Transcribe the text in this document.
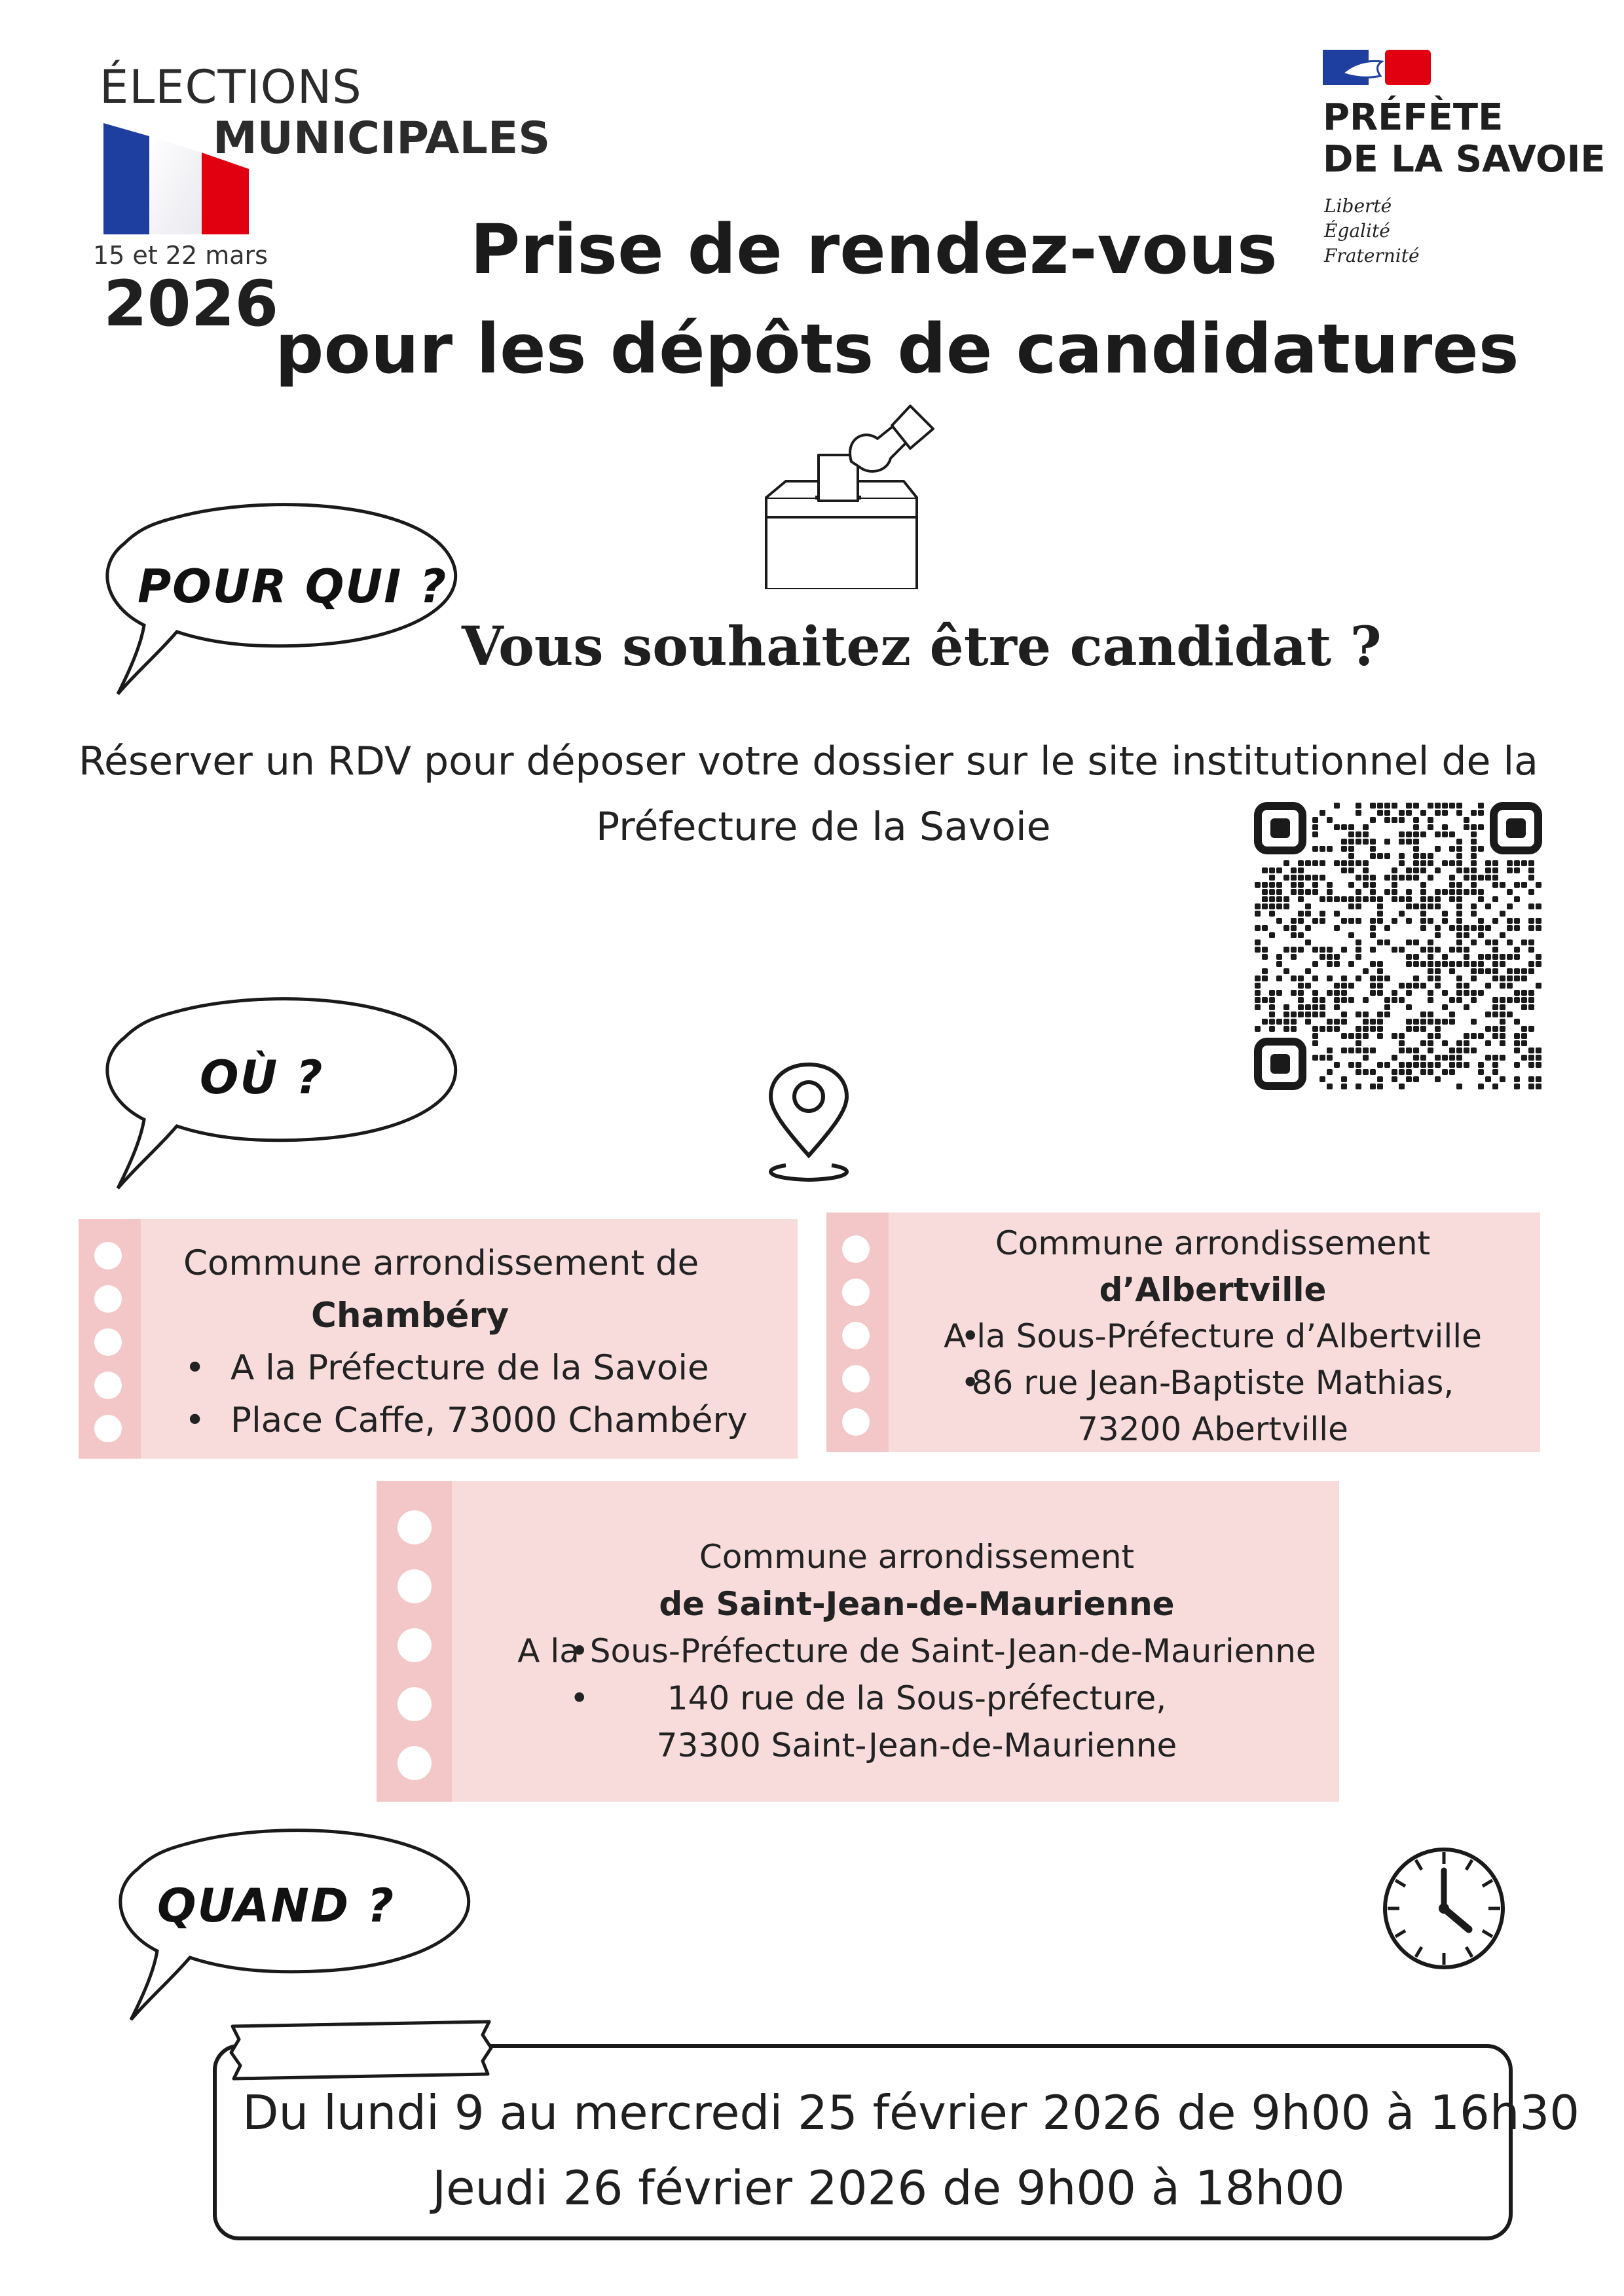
ÉLECTIONS
MUNICIPALES
15 et 22 mars
2026
PRÉFÈTE
DE LA SAVOIE
Liberté
Égalité
Fraternité
Prise de rendez-vous
pour les dépôts de candidatures
POUR QUI ?
Vous souhaitez être candidat ?
Réserver un RDV pour déposer votre dossier sur le site institutionnel de la
Préfecture de la Savoie
OÙ ?
Commune arrondissement de
Chambéry
• A la Préfecture de la Savoie
• Place Caffe, 73000 Chambéry
Commune arrondissement
d’Albertville
• A la Sous-Préfecture d’Albertville
• 86 rue Jean-Baptiste Mathias,
73200 Abertville
Commune arrondissement
de Saint-Jean-de-Maurienne
• A la Sous-Préfecture de Saint-Jean-de-Maurienne
• 140 rue de la Sous-préfecture,
73300 Saint-Jean-de-Maurienne
QUAND ?
Du lundi 9 au mercredi 25 février 2026 de 9h00 à 16h30
Jeudi 26 février 2026 de 9h00 à 18h00
